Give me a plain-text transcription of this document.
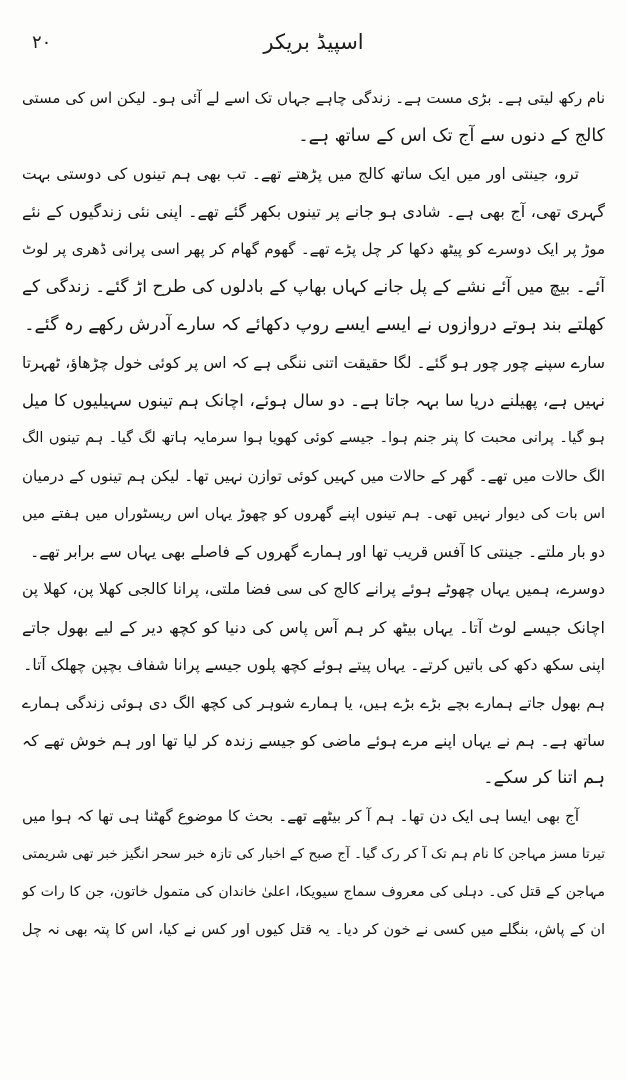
۲۰	اسپیڈ بریکر
نام رکھ لیتی ہے۔ بڑی مست ہے۔ زندگی چاہے جہاں تک اسے لے آئی ہو۔ لیکن اس کی مستی
کالج کے دنوں سے آج تک اس کے ساتھ ہے۔
ترو، جینتی اور میں ایک ساتھ کالج میں پڑھتے تھے۔ تب بھی ہم تینوں کی دوستی بہت
گہری تھی، آج بھی ہے۔ شادی ہو جانے پر تینوں بکھر گئے تھے۔ اپنی نئی زندگیوں کے نئے
موڑ پر ایک دوسرے کو پیٹھ دکھا کر چل پڑے تھے۔ گھوم گھام کر پھر اسی پرانی ڈھری پر لوٹ
آئے۔ بیچ میں آئے نشے کے پل جانے کہاں بھاپ کے بادلوں کی طرح اڑ گئے۔ زندگی کے
کھلتے بند ہوتے دروازوں نے ایسے ایسے روپ دکھائے کہ سارے آدرش رکھے رہ گئے۔
سارے سپنے چور چور ہو گئے۔ لگا حقیقت اتنی ننگی ہے کہ اس پر کوئی خول چڑھاؤ، ٹھہرتا
نہیں ہے، پھیلنے دریا سا بہہ جاتا ہے۔ دو سال ہوئے، اچانک ہم تینوں سہیلیوں کا میل
ہو گیا۔ پرانی محبت کا پنر جنم ہوا۔ جیسے کوئی کھویا ہوا سرمایہ ہاتھ لگ گیا۔ ہم تینوں الگ
الگ حالات میں تھے۔ گھر کے حالات میں کہیں کوئی توازن نہیں تھا۔ لیکن ہم تینوں کے درمیان
اس بات کی دیوار نہیں تھی۔ ہم تینوں اپنے گھروں کو چھوڑ یہاں اس ریسٹوراں میں ہفتے میں
دو بار ملتے۔ جینتی کا آفس قریب تھا اور ہمارے گھروں کے فاصلے بھی یہاں سے برابر تھے۔
دوسرے، ہمیں یہاں چھوٹے ہوئے پرانے کالج کی سی فضا ملتی، پرانا کالجی کھلا پن، کھلا پن
اچانک جیسے لوٹ آتا۔ یہاں بیٹھ کر ہم آس پاس کی دنیا کو کچھ دیر کے لیے بھول جاتے
اپنی سکھ دکھ کی باتیں کرتے۔ یہاں پیتے ہوئے کچھ پلوں جیسے پرانا شفاف بچپن چھلک آتا۔
ہم بھول جاتے ہمارے بچے بڑے بڑے ہیں، یا ہمارے شوہر کی کچھ الگ دی ہوئی زندگی ہمارے
ساتھ ہے۔ ہم نے یہاں اپنے مرے ہوئے ماضی کو جیسے زندہ کر لیا تھا اور ہم خوش تھے کہ
ہم اتنا کر سکے۔
آج بھی ایسا ہی ایک دن تھا۔ ہم آ کر بیٹھے تھے۔ بحث کا موضوع گھٹنا ہی تھا کہ ہوا میں
تیرتا مسز مہاجن کا نام ہم تک آ کر رک گیا۔ آج صبح کے اخبار کی تازہ خبر سحر انگیز خبر تھی شریمتی
مہاجن کے قتل کی۔ دہلی کی معروف سماج سیویکا، اعلیٰ خاندان کی متمول خاتون، جن کا رات کو
ان کے پاش، بنگلے میں کسی نے خون کر دیا۔ یہ قتل کیوں اور کس نے کیا، اس کا پتہ بھی نہ چل
